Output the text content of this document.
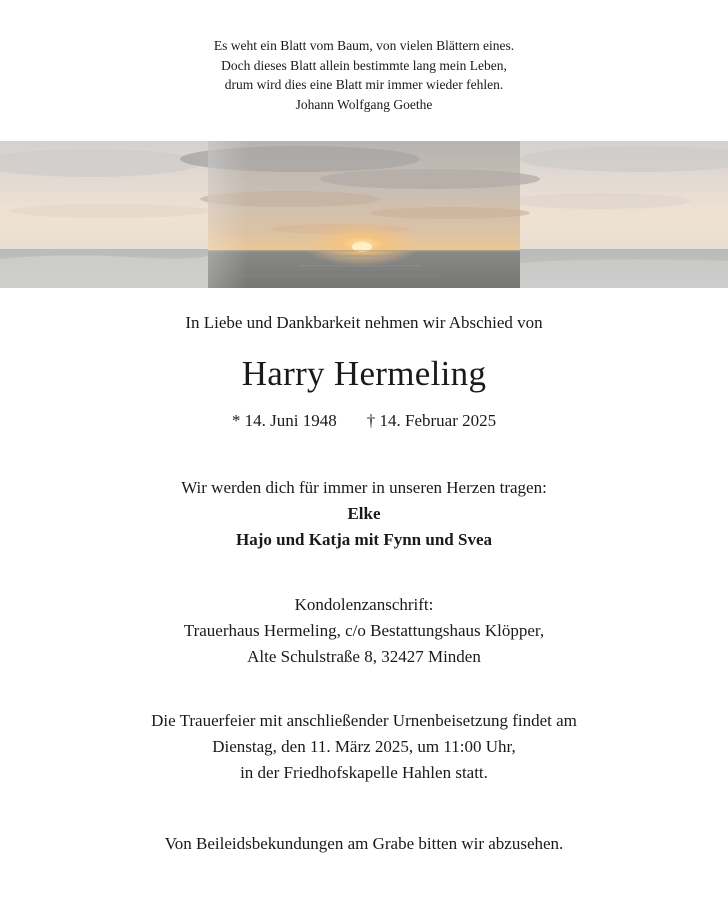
Es weht ein Blatt vom Baum, von vielen Blättern eines.
Doch dieses Blatt allein bestimmte lang mein Leben,
drum wird dies eine Blatt mir immer wieder fehlen.
Johann Wolfgang Goethe
In Liebe und Dankbarkeit nehmen wir Abschied von
Harry Hermeling
* 14. Juni 1948 † 14. Februar 2025
Wir werden dich für immer in unseren Herzen tragen:
Elke
Hajo und Katja mit Fynn und Svea
Kondolenzanschrift:
Trauerhaus Hermeling, c/o Bestattungshaus Klöpper,
Alte Schulstraße 8, 32427 Minden
Die Trauerfeier mit anschließender Urnenbeisetzung findet am
Dienstag, den 11. März 2025, um 11:00 Uhr,
in der Friedhofskapelle Hahlen statt.
Von Beileidsbekundungen am Grabe bitten wir abzusehen.
